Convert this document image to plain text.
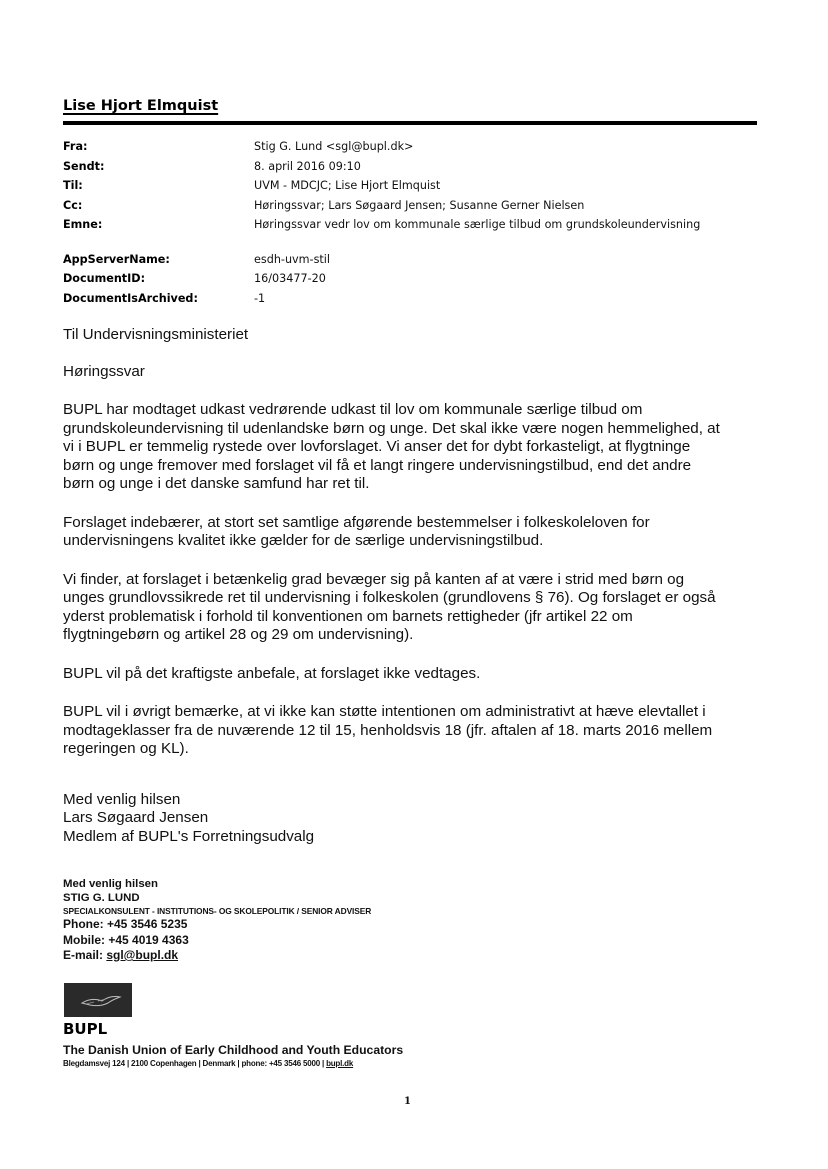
Lise Hjort Elmquist
Fra:	Stig G. Lund <sgl@bupl.dk>
Sendt:	8. april 2016 09:10
Til:	UVM - MDCJC; Lise Hjort Elmquist
Cc:	Høringssvar; Lars Søgaard Jensen; Susanne Gerner Nielsen
Emne:	Høringssvar vedr lov om kommunale særlige tilbud om grundskoleundervisning
AppServerName:	esdh-uvm-stil
DocumentID:	16/03477-20
DocumentIsArchived:	-1

Til Undervisningsministeriet

Høringssvar

BUPL har modtaget udkast vedrørende udkast til lov om kommunale særlige tilbud om
grundskoleundervisning til udenlandske børn og unge. Det skal ikke være nogen hemmelighed, at
vi i BUPL er temmelig rystede over lovforslaget. Vi anser det for dybt forkasteligt, at flygtninge
børn og unge fremover med forslaget vil få et langt ringere undervisningstilbud, end det andre
børn og unge i det danske samfund har ret til.
Forslaget indebærer, at stort set samtlige afgørende bestemmelser i folkeskoleloven for
undervisningens kvalitet ikke gælder for de særlige undervisningstilbud.
Vi finder, at forslaget i betænkelig grad bevæger sig på kanten af at være i strid med børn og
unges grundlovssikrede ret til undervisning i folkeskolen (grundlovens § 76). Og forslaget er også
yderst problematisk i forhold til konventionen om barnets rettigheder (jfr artikel 22 om
flygtningebørn og artikel 28 og 29 om undervisning).
BUPL vil på det kraftigste anbefale, at forslaget ikke vedtages.
BUPL vil i øvrigt bemærke, at vi ikke kan støtte intentionen om administrativt at hæve elevtallet i
modtageklasser fra de nuværende 12 til 15, henholdsvis 18 (jfr. aftalen af 18. marts 2016 mellem
regeringen og KL).
Med venlig hilsen
Lars Søgaard Jensen
Medlem af BUPL's Forretningsudvalg
Med venlig hilsen
STIG G. LUND
SPECIALKONSULENT - INSTITUTIONS- OG SKOLEPOLITIK / SENIOR ADVISER
Phone: +45 3546 5235
Mobile: +45 4019 4363
E-mail: sgl@bupl.dk
BUPL
The Danish Union of Early Childhood and Youth Educators
Blegdamsvej 124 | 2100 Copenhagen | Denmark | phone: +45 3546 5000 | bupl.dk
1
